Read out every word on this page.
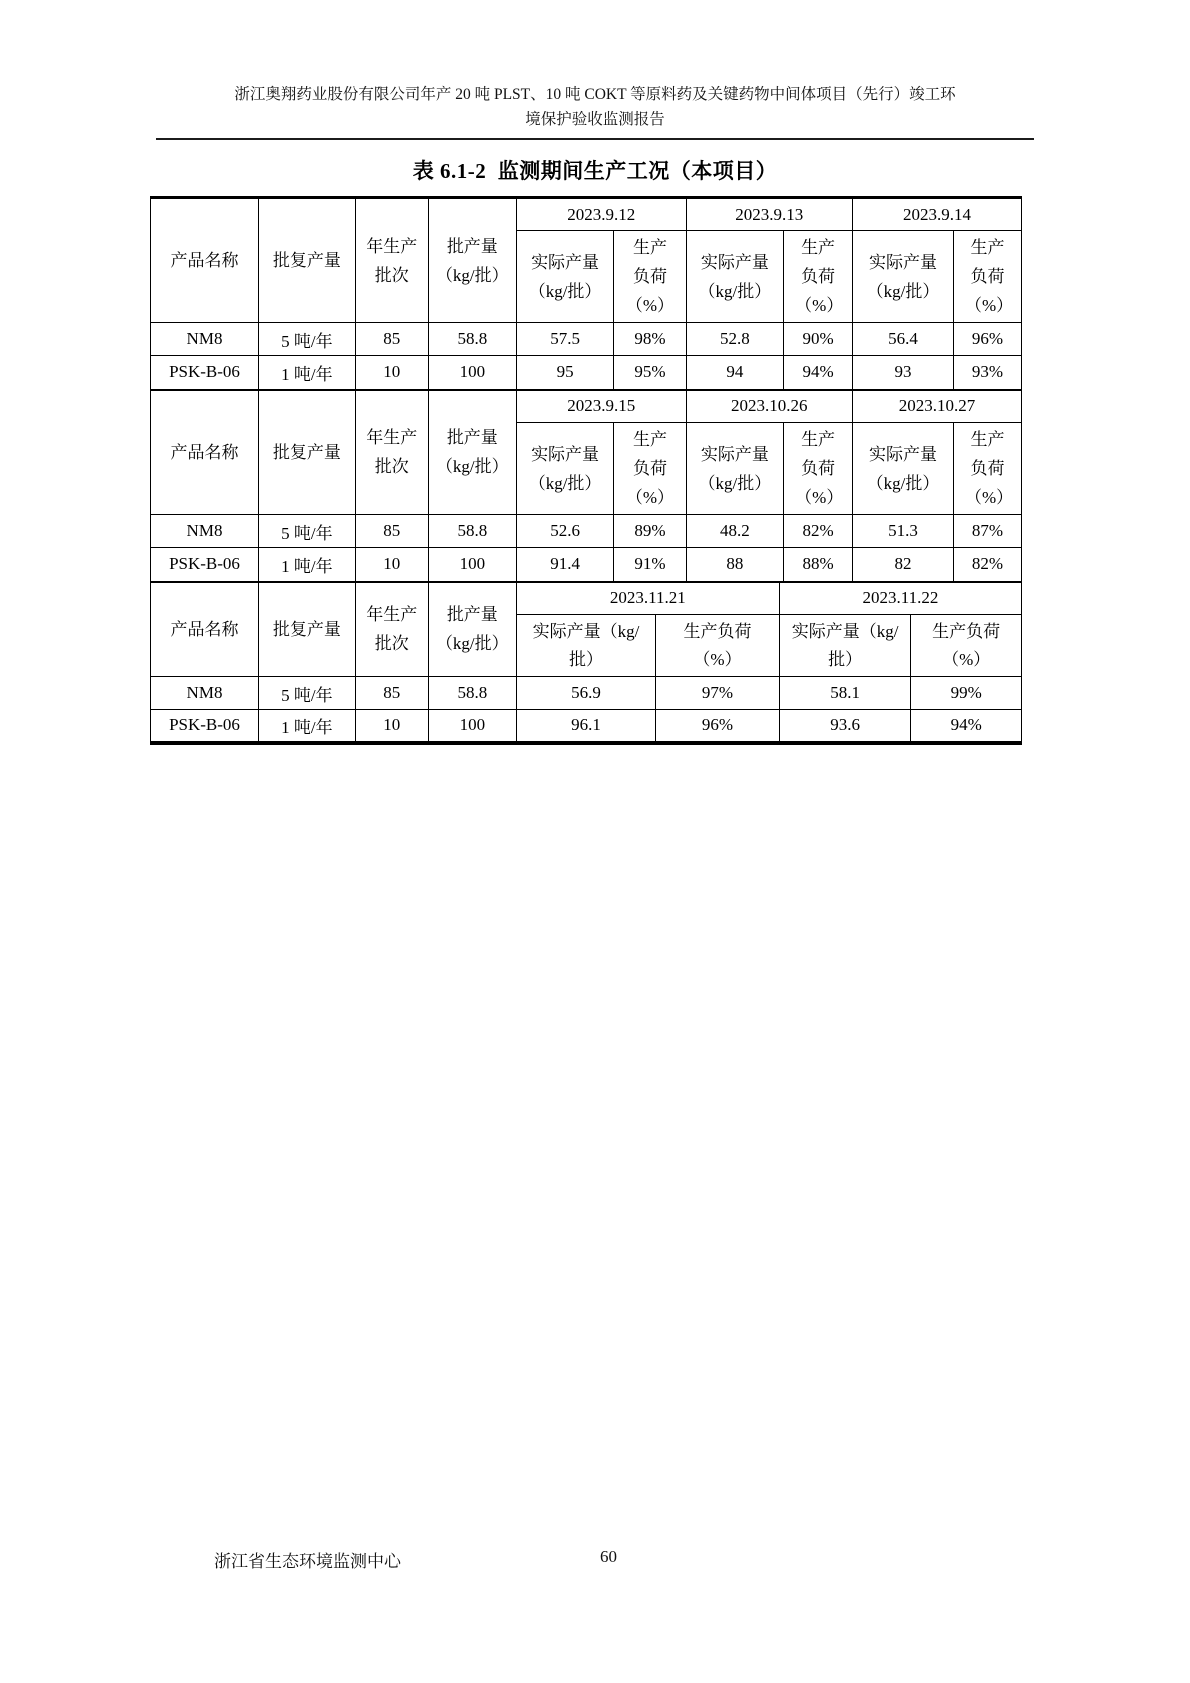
浙江奥翔药业股份有限公司年产 20 吨 PLST、10 吨 COKT 等原料药及关键药物中间体项目（先行）竣工环
境保护验收监测报告
表 6.1-2  监测期间生产工况（本项目）
产品名称	批复产量	年生产批次	批产量（kg/批）	2023.9.12		2023.9.13		2023.9.14	
				实际产量（kg/批）	生产负荷（%）	实际产量（kg/批）	生产负荷（%）	实际产量（kg/批）	生产负荷（%）
NM8	5 吨/年	85	58.8	57.5	98%	52.8	90%	56.4	96%
PSK-B-06	1 吨/年	10	100	95	95%	94	94%	93	93%
产品名称	批复产量	年生产批次	批产量（kg/批）	2023.9.15		2023.10.26		2023.10.27	
				实际产量（kg/批）	生产负荷（%）	实际产量（kg/批）	生产负荷（%）	实际产量（kg/批）	生产负荷（%）
NM8	5 吨/年	85	58.8	52.6	89%	48.2	82%	51.3	87%
PSK-B-06	1 吨/年	10	100	91.4	91%	88	88%	82	82%
产品名称	批复产量	年生产批次	批产量（kg/批）	2023.11.21		2023.11.22	
				实际产量（kg/批）	生产负荷（%）	实际产量（kg/批）	生产负荷（%）
NM8	5 吨/年	85	58.8	56.9	97%	58.1	99%
PSK-B-06	1 吨/年	10	100	96.1	96%	93.6	94%
浙江省生态环境监测中心	60
